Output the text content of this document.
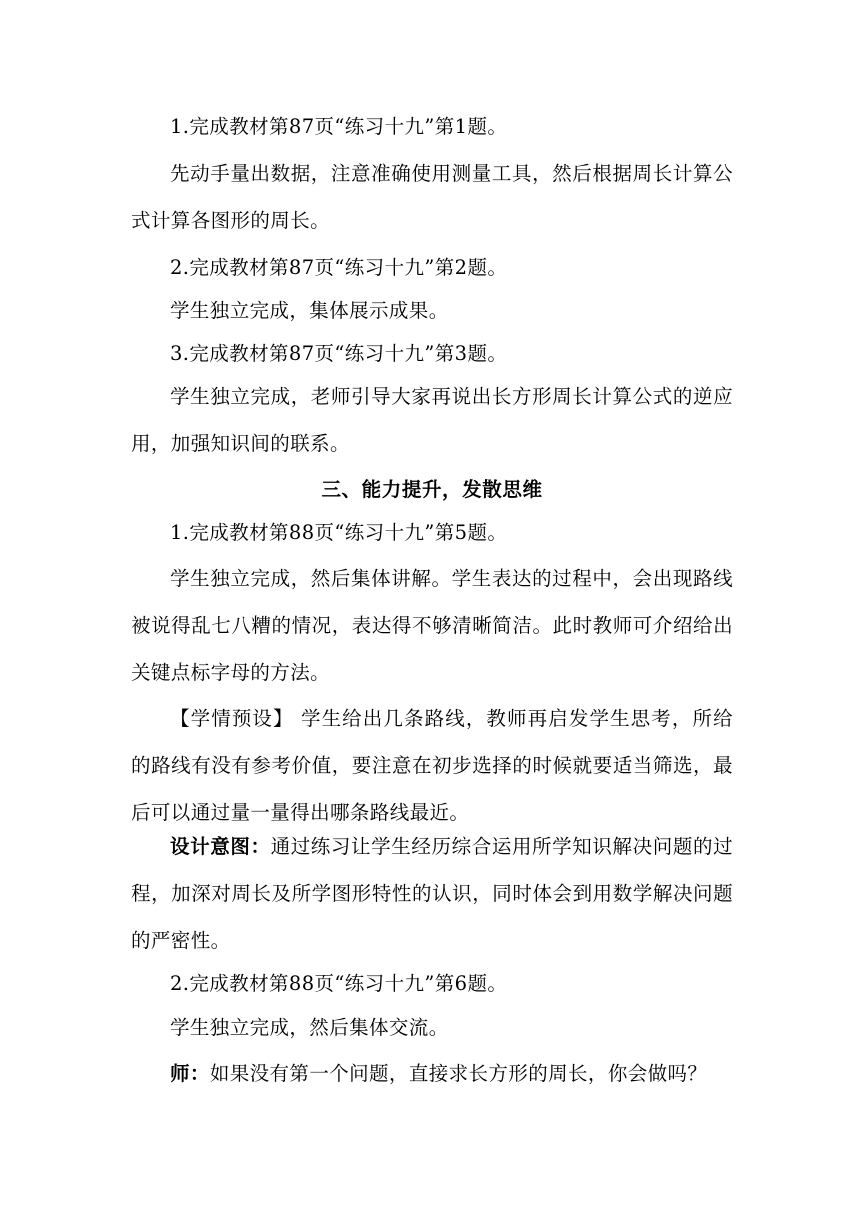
1.完成教材第87页“练习十九”第1题。

先动手量出数据，注意准确使用测量工具，然后根据周长计算公式计算各图形的周长。

2.完成教材第87页“练习十九”第2题。

学生独立完成，集体展示成果。

3.完成教材第87页“练习十九”第3题。

学生独立完成，老师引导大家再说出长方形周长计算公式的逆应用，加强知识间的联系。

三、能力提升，发散思维

1.完成教材第88页“练习十九”第5题。

学生独立完成，然后集体讲解。学生表达的过程中，会出现路线被说得乱七八糟的情况，表达得不够清晰简洁。此时教师可介绍给出关键点标字母的方法。

【学情预设】 学生给出几条路线，教师再启发学生思考，所给的路线有没有参考价值，要注意在初步选择的时候就要适当筛选，最后可以通过量一量得出哪条路线最近。

设计意图：通过练习让学生经历综合运用所学知识解决问题的过程，加深对周长及所学图形特性的认识，同时体会到用数学解决问题的严密性。

2.完成教材第88页“练习十九”第6题。

学生独立完成，然后集体交流。

师：如果没有第一个问题，直接求长方形的周长，你会做吗？
